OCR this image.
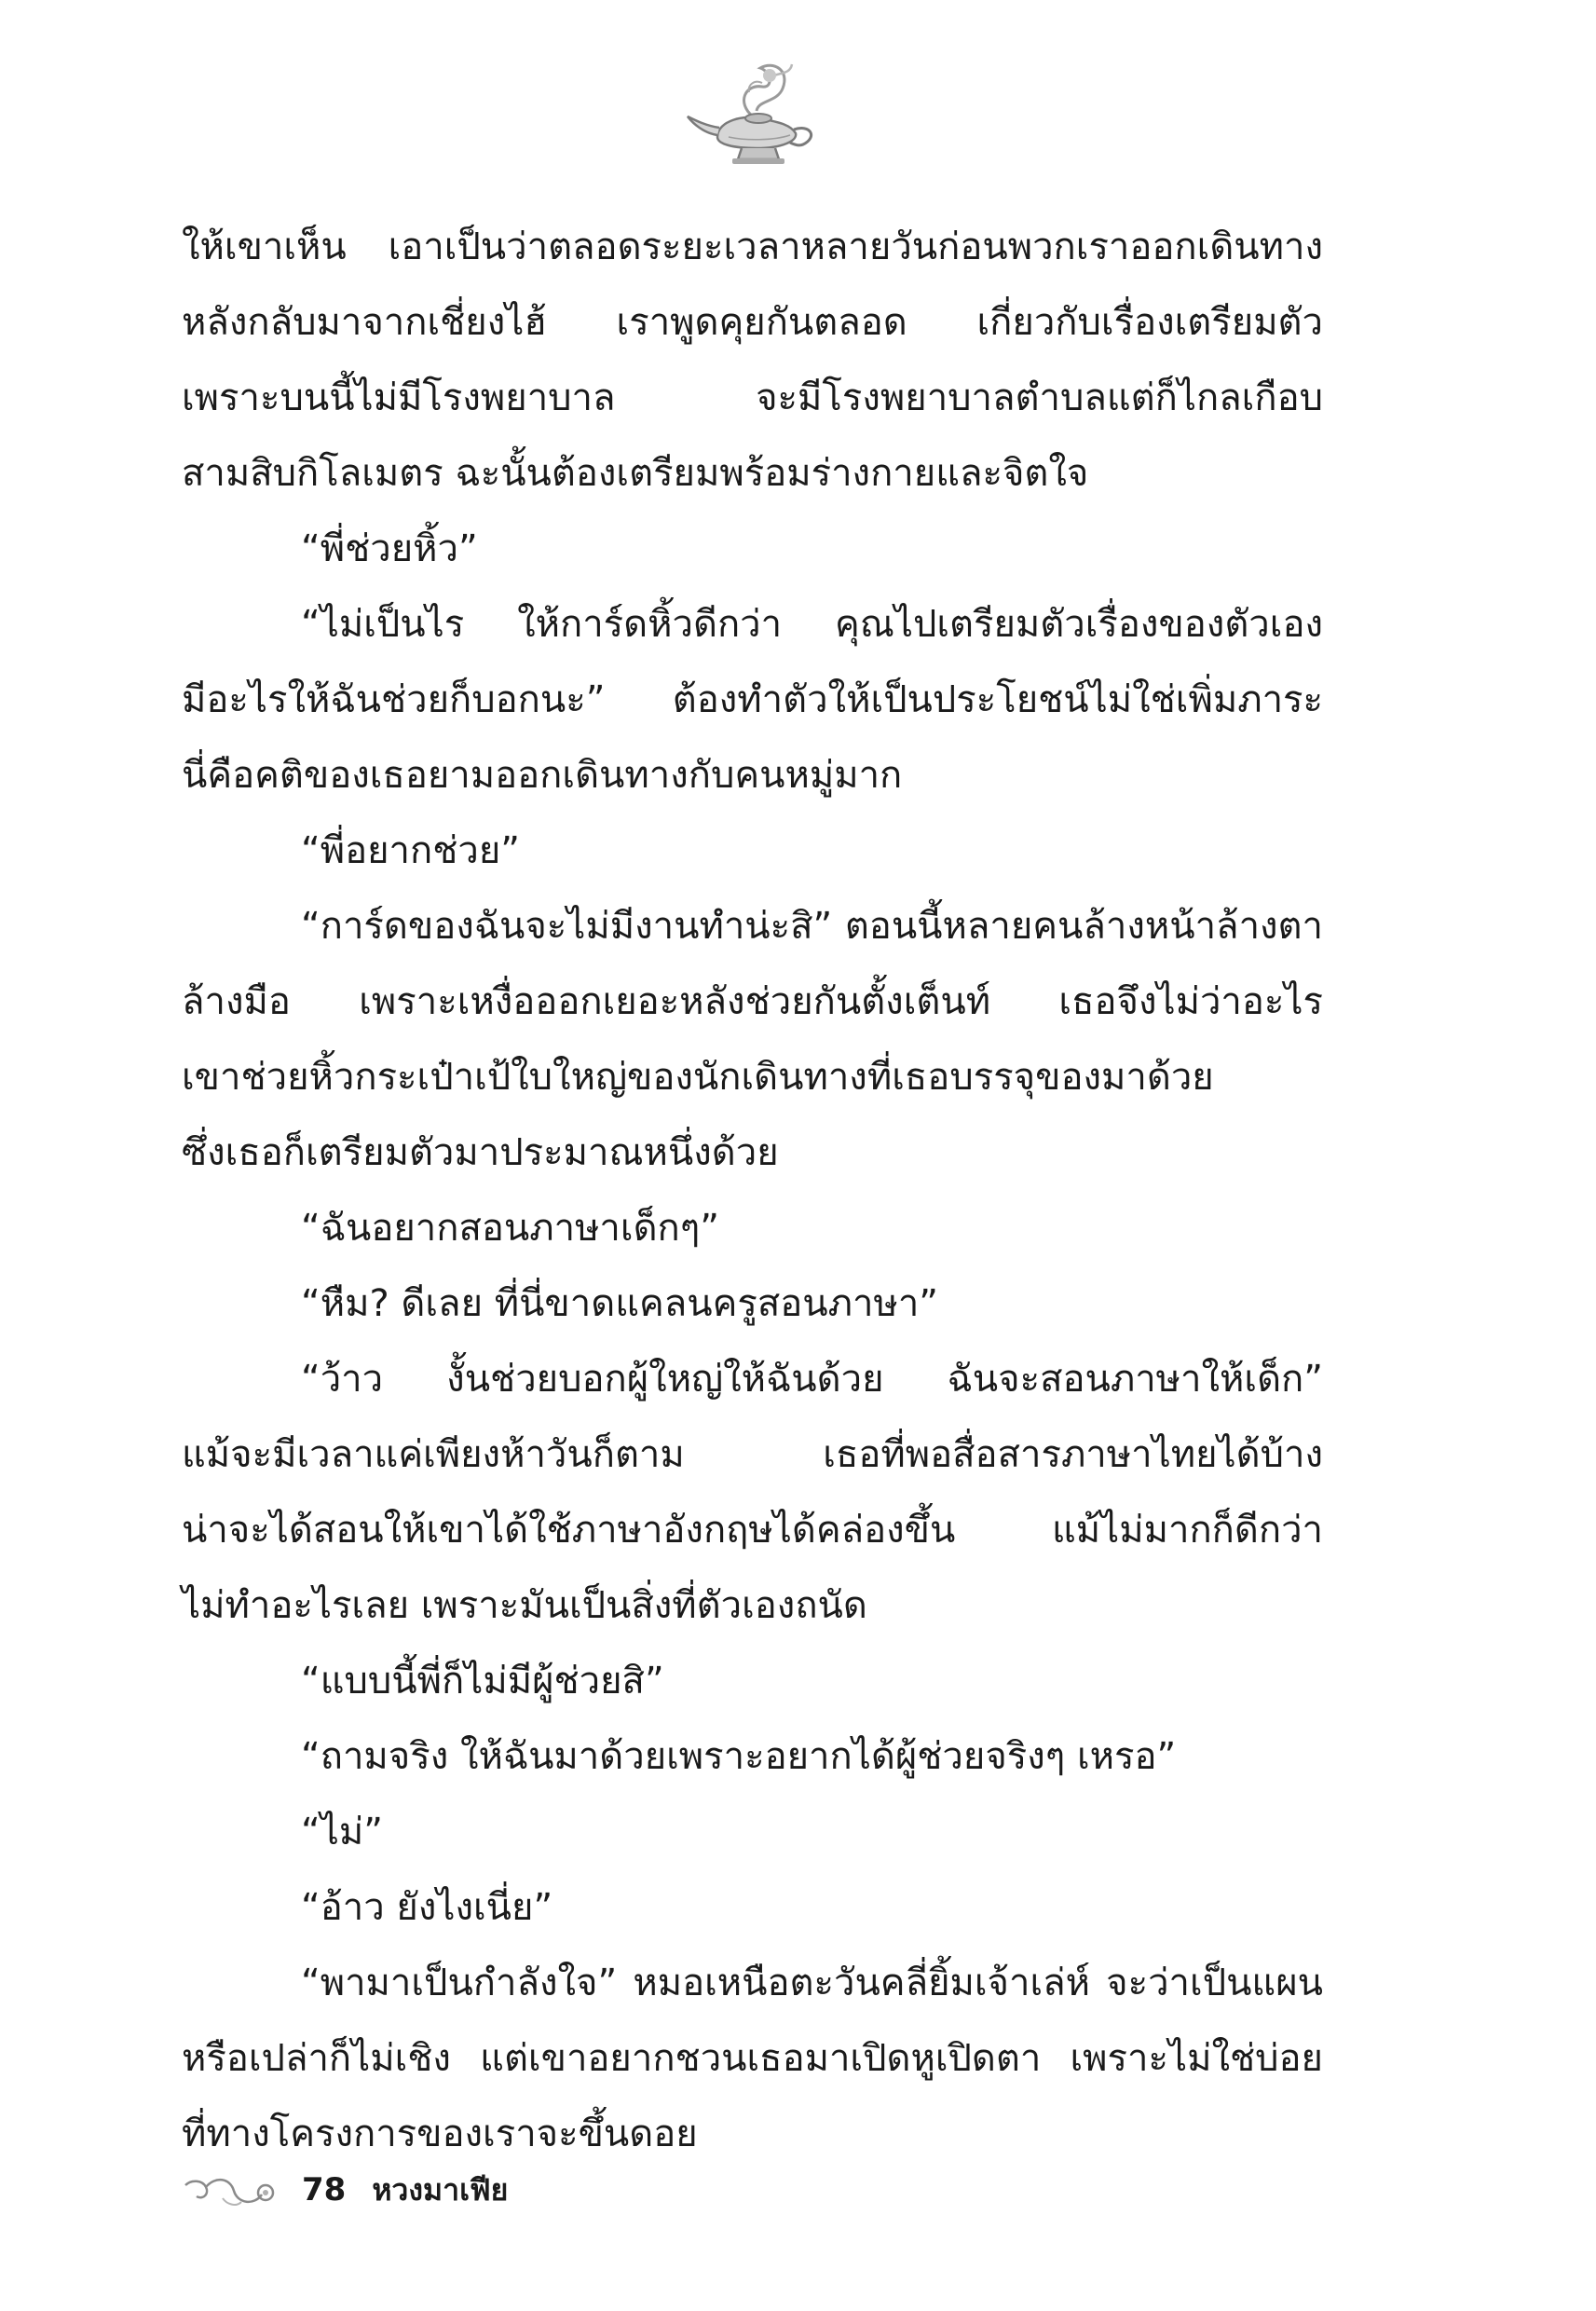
ให้เขาเห็น เอาเป็นว่าตลอดระยะเวลาหลายวันก่อนพวกเราออกเดินทาง

หลังกลับมาจากเชี่ยงไฮ้ เราพูดคุยกันตลอด เกี่ยวกับเรื่องเตรียมตัว

เพราะบนนี้ไม่มีโรงพยาบาล จะมีโรงพยาบาลตำบลแต่ก็ไกลเกือบ

สามสิบกิโลเมตร ฉะนั้นต้องเตรียมพร้อมร่างกายและจิตใจ

“พี่ช่วยหิ้ว”

“ไม่เป็นไร ให้การ์ดหิ้วดีกว่า คุณไปเตรียมตัวเรื่องของตัวเอง

มีอะไรให้ฉันช่วยก็บอกนะ” ต้องทำตัวให้เป็นประโยชน์ไม่ใช่เพิ่มภาระ

นี่คือคติของเธอยามออกเดินทางกับคนหมู่มาก

“พี่อยากช่วย”

“การ์ดของฉันจะไม่มีงานทำน่ะสิ” ตอนนี้หลายคนล้างหน้าล้างตา

ล้างมือ เพราะเหงื่อออกเยอะหลังช่วยกันตั้งเต็นท์ เธอจึงไม่ว่าอะไร

เขาช่วยหิ้วกระเป๋าเป้ใบใหญ่ของนักเดินทางที่เธอบรรจุของมาด้วย

ซึ่งเธอก็เตรียมตัวมาประมาณหนึ่งด้วย

“ฉันอยากสอนภาษาเด็กๆ”

“หืม? ดีเลย ที่นี่ขาดแคลนครูสอนภาษา”

“ว้าว งั้นช่วยบอกผู้ใหญ่ให้ฉันด้วย ฉันจะสอนภาษาให้เด็ก”

แม้จะมีเวลาแค่เพียงห้าวันก็ตาม เธอที่พอสื่อสารภาษาไทยได้บ้าง

น่าจะได้สอนให้เขาได้ใช้ภาษาอังกฤษได้คล่องขึ้น แม้ไม่มากก็ดีกว่า

ไม่ทำอะไรเลย เพราะมันเป็นสิ่งที่ตัวเองถนัด

“แบบนี้พี่ก็ไม่มีผู้ช่วยสิ”

“ถามจริง ให้ฉันมาด้วยเพราะอยากได้ผู้ช่วยจริงๆ เหรอ”

“ไม่”

“อ้าว ยังไงเนี่ย”

“พามาเป็นกำลังใจ” หมอเหนือตะวันคลี่ยิ้มเจ้าเล่ห์ จะว่าเป็นแผน

หรือเปล่าก็ไม่เชิง แต่เขาอยากชวนเธอมาเปิดหูเปิดตา เพราะไม่ใช่บ่อย

ที่ทางโครงการของเราจะขึ้นดอย

78 หวงมาเฟีย
